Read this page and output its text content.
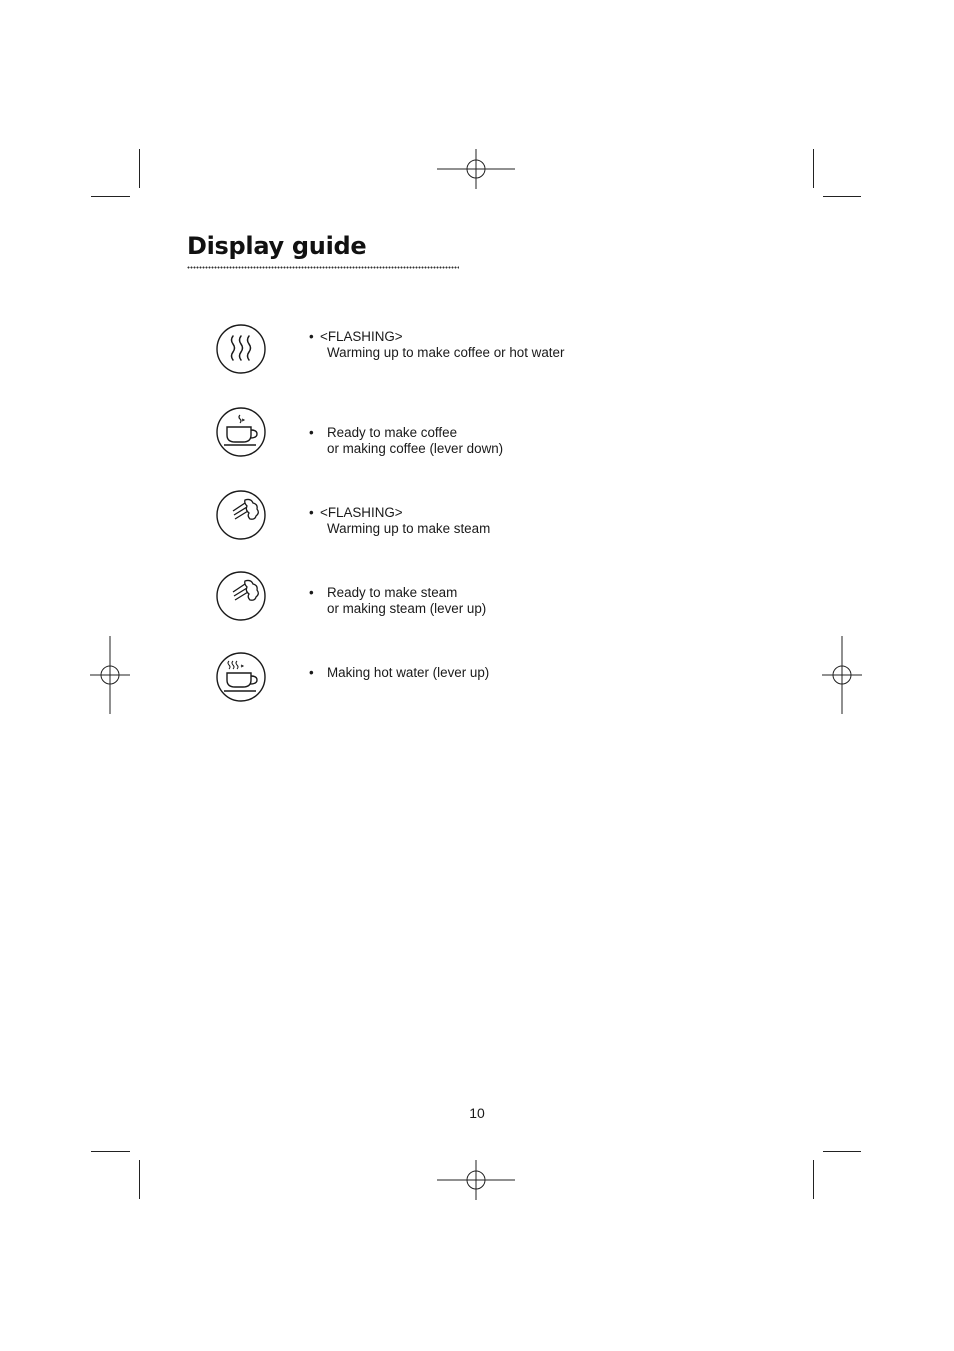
Display guide
• <FLASHING>
Warming up to make coffee or hot water
• Ready to make coffee
or making coffee (lever down)
• <FLASHING>
Warming up to make steam
• Ready to make steam
or making steam (lever up)
• Making hot water (lever up)
10
